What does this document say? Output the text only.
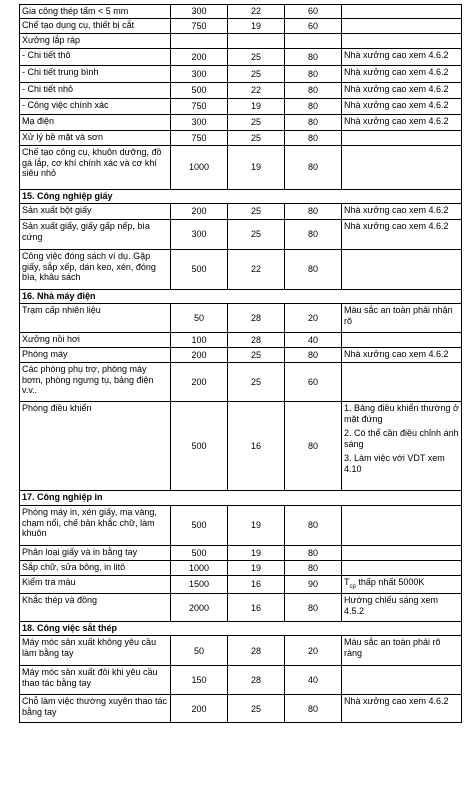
Gia công thép tấm < 5 mm	300	22	60	
Chế tạo dụng cụ, thiết bị cắt	750	19	60	
Xưởng lắp ráp				
- Chi tiết thô	200	25	80	Nhà xưởng cao xem 4.6.2

- Chi tiết trung bình	300	25	80	Nhà xưởng cao xem 4.6.2

- Chi tiết nhỏ	500	22	80	Nhà xưởng cao xem 4.6.2

- Công việc chính xác	750	19	80	Nhà xưởng cao xem 4.6.2

Mạ điện	300	25	80	Nhà xưởng cao xem 4.6.2

Xử lý bề mặt và sơn	750	25	80	
Chế tạo công cụ, khuôn dưỡng, đồ gá lắp, cơ khí chính xác và cơ khí siêu nhỏ	1000	19	80	
15. Công nghiệp giấy				
Sản xuất bột giấy	200	25	80	Nhà xưởng cao xem 4.6.2

Sản xuất giấy, giấy gấp nếp, bìa cứng	300	25	80	Nhà xưởng cao xem 4.6.2

Công việc đóng sách ví dụ. Gập giấy, sắp xếp, dán keo, xén, đóng bìa, khâu sách	500	22	80	
16. Nhà máy điện				
Trạm cấp nhiên liệu	50	28	20	Màu sắc an toàn phải nhận rõ

Xưởng nồi hơi	100	28	40	
Phòng máy	200	25	80	Nhà xưởng cao xem 4.6.2

Các phòng phụ trợ, phòng máy bơm, phòng ngưng tụ, bảng điện v.v..	200	25	60	
Phòng điều khiển	500	16	80	1. Bảng điều khiển thường ở mặt đứng
2. Có thể cần điều chỉnh ánh sáng
3. Làm việc với VDT xem 4.10

17. Công nghiệp in				
Phòng máy in, xén giấy, mạ vàng, chạm nổi, chế bản khắc chữ, làm khuôn	500	19	80	
Phân loại giấy và in bằng tay	500	19	80	
Sắp chữ, sửa bông, in litô	1000	19	80	
Kiểm tra màu	1500	16	90	$T_{cp}$ thấp nhất 5000K
Khắc thép và đồng	2000	16	80	Hướng chiếu sáng xem 4.5.2

18. Công việc sắt thép				
Máy móc sản xuất không yêu cầu làm bằng tay	50	28	20	Màu sắc an toàn phải rõ ràng

Máy móc sản xuất đôi khi yêu cầu thao tác bằng tay	150	28	40	
Chỗ làm việc thường xuyên thao tác bằng tay	200	25	80	Nhà xưởng cao xem 4.6.2
